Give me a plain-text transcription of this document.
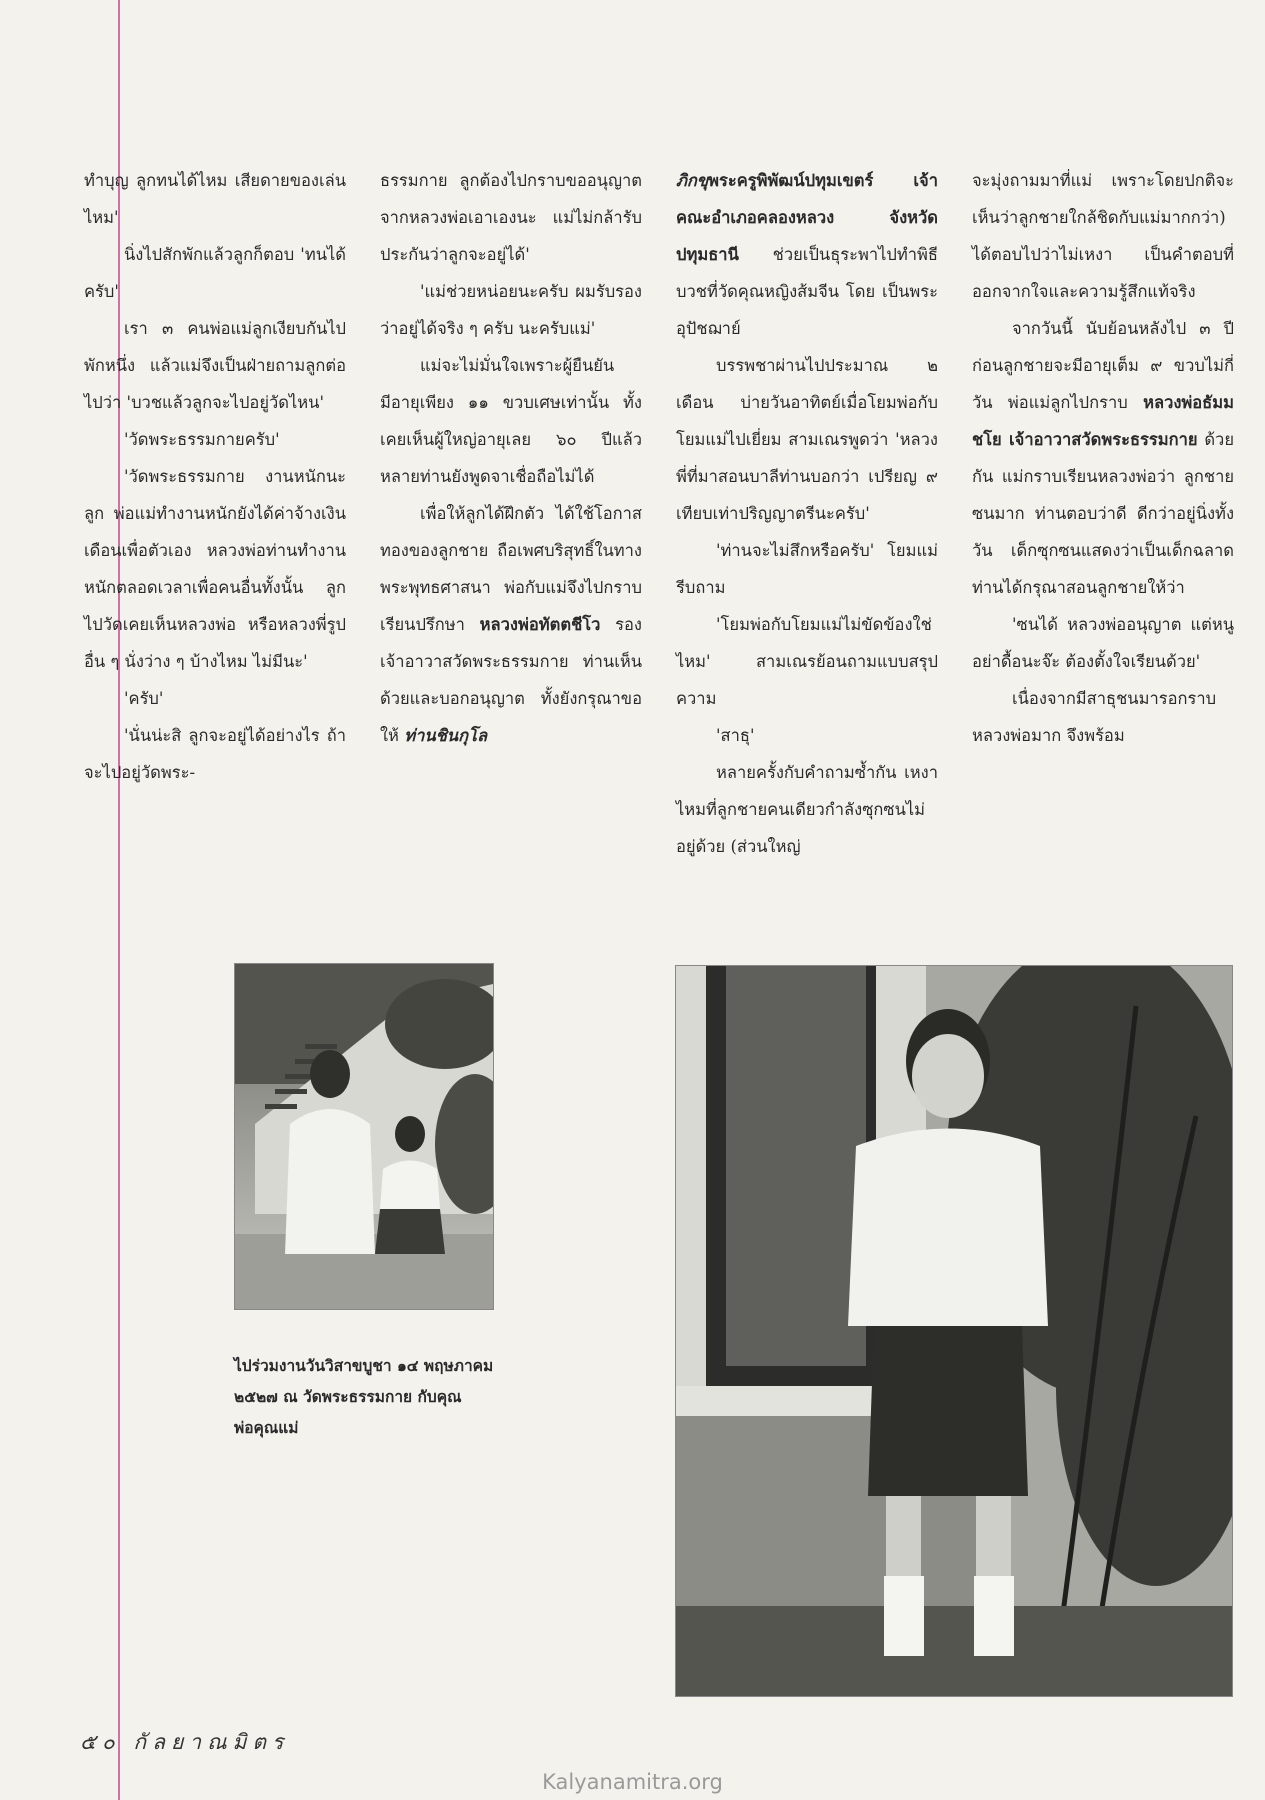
ทำบุญ ลูกทนได้ไหม เสียดายของเล่นไหม'

นิ่งไปสักพักแล้วลูกก็ตอบ 'ทนได้ครับ'

เรา ๓ คนพ่อแม่ลูกเงียบกันไปพักหนึ่ง แล้วแม่จึงเป็นฝ่ายถามลูกต่อไปว่า 'บวชแล้วลูกจะไปอยู่วัดไหน'

'วัดพระธรรมกายครับ'

'วัดพระธรรมกาย งานหนักนะลูก พ่อแม่ทำงานหนักยังได้ค่าจ้างเงินเดือนเพื่อตัวเอง หลวงพ่อท่านทำงานหนักตลอดเวลาเพื่อคนอื่นทั้งนั้น ลูกไปวัดเคยเห็นหลวงพ่อ หรือหลวงพี่รูปอื่น ๆ นั่งว่าง ๆ บ้างไหม ไม่มีนะ'

'ครับ'

'นั่นน่ะสิ ลูกจะอยู่ได้อย่างไร ถ้าจะไปอยู่วัดพระ-

ธรรมกาย ลูกต้องไปกราบขออนุญาตจากหลวงพ่อเอาเองนะ แม่ไม่กล้ารับประกันว่าลูกจะอยู่ได้'

'แม่ช่วยหน่อยนะครับ ผมรับรองว่าอยู่ได้จริง ๆ ครับ นะครับแม่'

แม่จะไม่มั่นใจเพราะผู้ยืนยันมีอายุเพียง ๑๑ ขวบเศษเท่านั้น ทั้งเคยเห็นผู้ใหญ่อายุเลย ๖๐ ปีแล้ว หลายท่านยังพูดจาเชื่อถือไม่ได้

เพื่อให้ลูกได้ฝึกตัว ได้ใช้โอกาสทองของลูกชาย ถือเพศบริสุทธิ์ในทางพระพุทธศาสนา พ่อกับแม่จึงไปกราบเรียนปรึกษา หลวงพ่อทัตตชีโว รองเจ้าอาวาสวัดพระธรรมกาย ท่านเห็นด้วยและบอกอนุญาต ทั้งยังกรุณาขอให้ ท่านชินกุโล

ภิกขุพระครูพิพัฒน์ปทุมเขตร์ เจ้าคณะอำเภอคลองหลวง จังหวัดปทุมธานี ช่วยเป็นธุระพาไปทำพิธีบวชที่วัดคุณหญิงส้มจีน โดย เป็นพระอุปัชฌาย์

บรรพชาผ่านไปประมาณ ๒ เดือน บ่ายวันอาทิตย์เมื่อโยมพ่อกับโยมแม่ไปเยี่ยม สามเณรพูดว่า 'หลวงพี่ที่มาสอนบาลีท่านบอกว่า เปรียญ ๙ เทียบเท่าปริญญาตรีนะครับ'

'ท่านจะไม่สึกหรือครับ' โยมแม่รีบถาม

'โยมพ่อกับโยมแม่ไม่ขัดข้องใช่ไหม' สามเณรย้อนถามแบบสรุปความ

'สาธุ'

หลายครั้งกับคำถามซ้ำกัน เหงาไหมที่ลูกชายคนเดียวกำลังซุกซนไม่อยู่ด้วย (ส่วนใหญ่

จะมุ่งถามมาที่แม่ เพราะโดยปกติจะเห็นว่าลูกชายใกล้ชิดกับแม่มากกว่า) ได้ตอบไปว่าไม่เหงา เป็นคำตอบที่ออกจากใจและความรู้สึกแท้จริง

จากวันนี้ นับย้อนหลังไป ๓ ปี ก่อนลูกชายจะมีอายุเต็ม ๙ ขวบไม่กี่วัน พ่อแม่ลูกไปกราบ หลวงพ่อธัมมชโย เจ้าอาวาสวัดพระธรรมกาย ด้วยกัน แม่กราบเรียนหลวงพ่อว่า ลูกชายซนมาก ท่านตอบว่าดี ดีกว่าอยู่นิ่งทั้งวัน เด็กซุกซนแสดงว่าเป็นเด็กฉลาด ท่านได้กรุณาสอนลูกชายให้ว่า

'ซนได้ หลวงพ่ออนุญาต แต่หนูอย่าดื้อนะจ๊ะ ต้องตั้งใจเรียนด้วย'

เนื่องจากมีสาธุชนมารอกราบหลวงพ่อมาก จึงพร้อม

ไปร่วมงานวันวิสาขบูชา ๑๔ พฤษภาคม ๒๕๒๗ ณ วัดพระธรรมกาย กับคุณพ่อคุณแม่
๕๐ กัลยาณมิตร
Kalyanamitra.org
